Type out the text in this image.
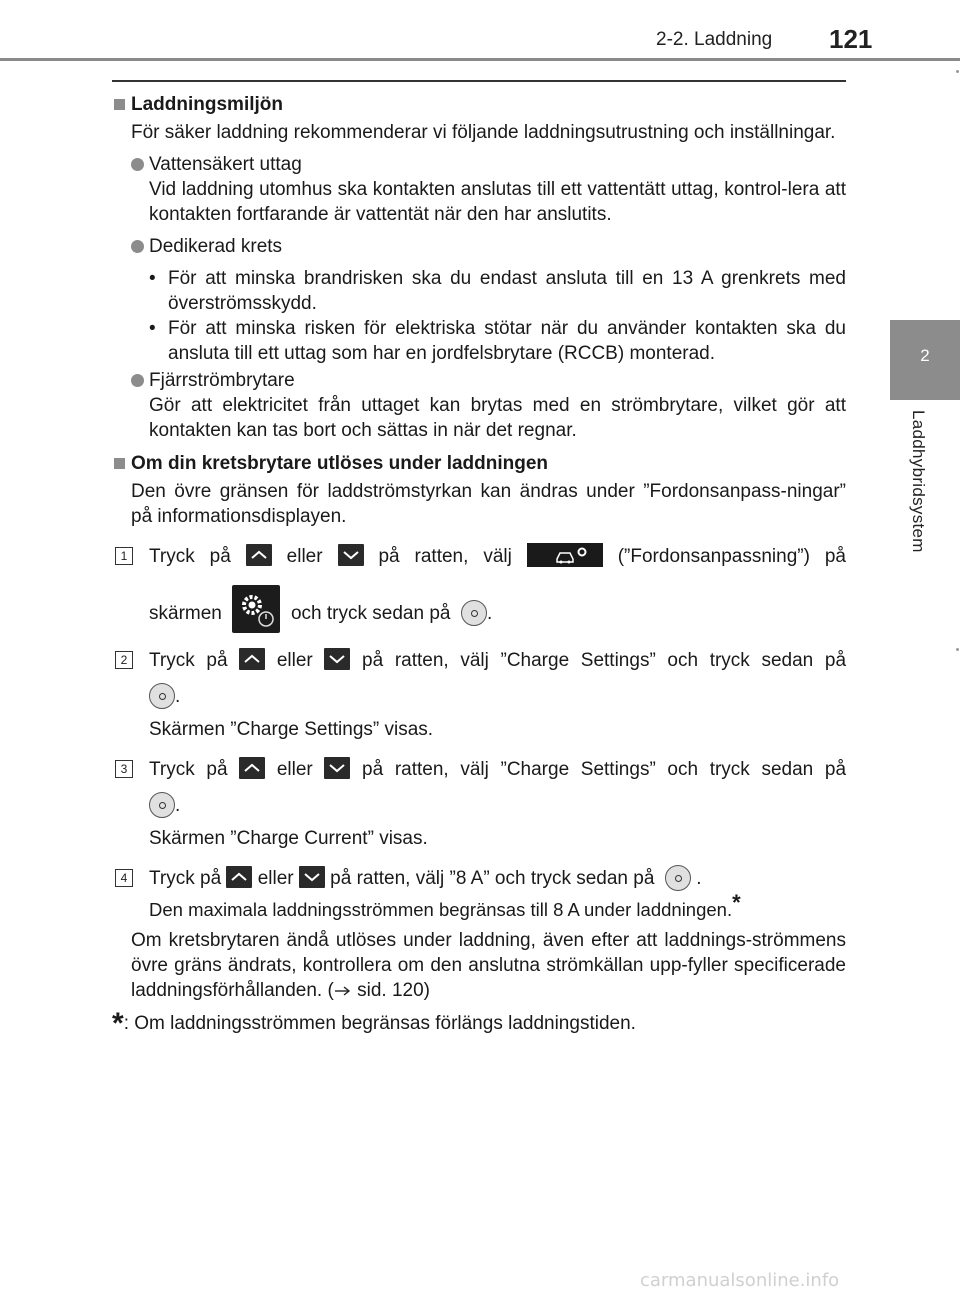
2-2. Laddning 121
2
Laddhybridsystem
Laddningsmiljön

För säker laddning rekommenderar vi följande laddningsutrustning och inställningar.

Vattensäkert uttag

Vid laddning utomhus ska kontakten anslutas till ett vattentätt uttag, kontrol-lera att kontakten fortfarande är vattentät när den har anslutits.

Dedikerad krets

• För att minska brandrisken ska du endast ansluta till en 13 A grenkrets med överströmsskydd.

• För att minska risken för elektriska stötar när du använder kontakten ska du ansluta till ett uttag som har en jordfelsbrytare (RCCB) monterad.

Fjärrströmbrytare

Gör att elektricitet från uttaget kan brytas med en strömbrytare, vilket gör att kontakten kan tas bort och sättas in när det regnar.

Om din kretsbrytare utlöses under laddningen

Den övre gränsen för laddströmstyrkan kan ändras under ”Fordonsanpass-ningar” på informationsdisplayen.

1 Tryck på	eller	på ratten, välj	(”Fordonsanpassning”) på

skärmen	och tryck sedan på .

2 Tryck på	eller	på ratten, välj ”Charge Settings” och tryck sedan på

.

Skärmen ”Charge Settings” visas.

3 Tryck på	eller	på ratten, välj ”Charge Settings” och tryck sedan på

.

Skärmen ”Charge Current” visas.

4 Tryck på eller på ratten, välj ”8 A” och tryck sedan på .

Den maximala laddningsströmmen begränsas till 8 A under laddningen.*

Om kretsbrytaren ändå utlöses under laddning, även efter att laddnings-strömmens övre gräns ändrats, kontrollera om den anslutna strömkällan upp-fyller specificerade laddningsförhållanden. ( sid. 120)

*: Om laddningsströmmen begränsas förlängs laddningstiden.

carmanualsonline.info
